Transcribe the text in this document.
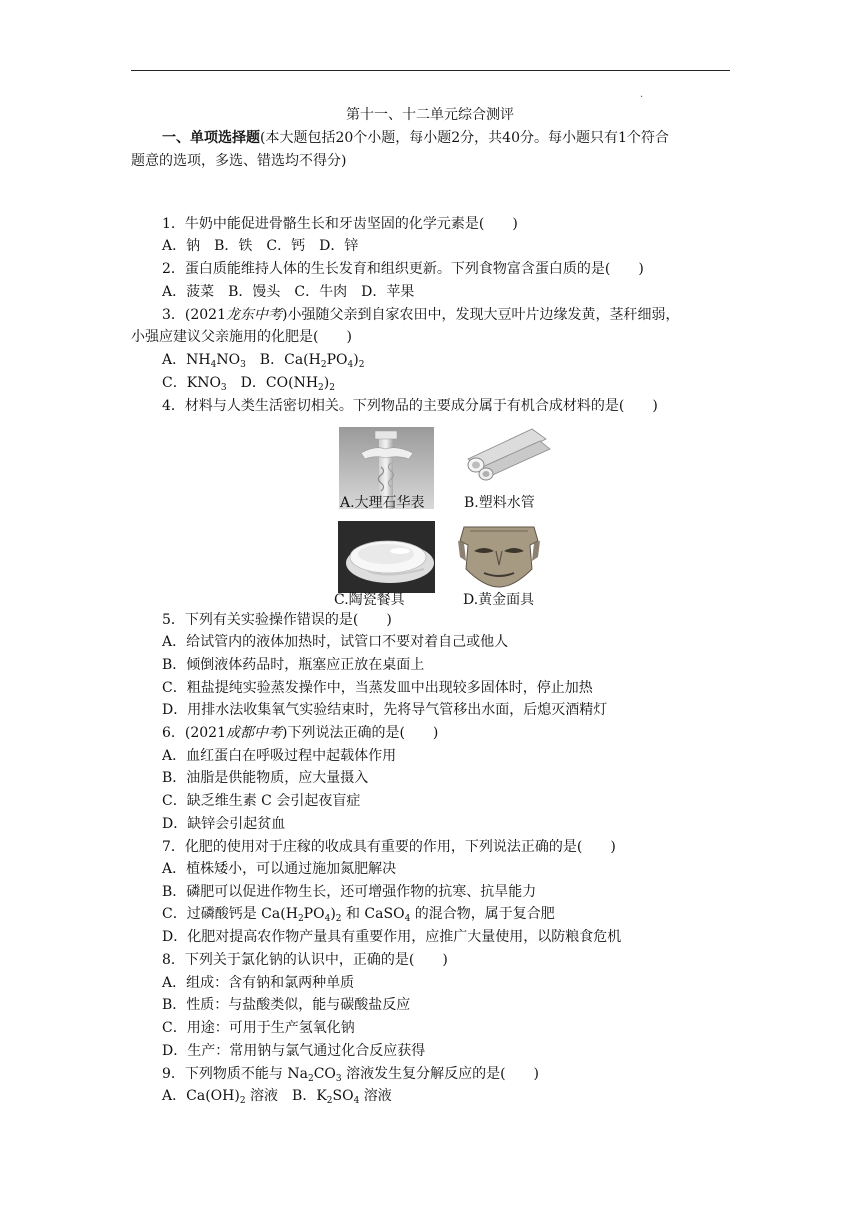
·
第十一、十二单元综合测评
一、单项选择题(本大题包括20个小题，每小题2分，共40分。每小题只有1个符合
题意的选项，多选、错选均不得分)
1．牛奶中能促进骨骼生长和牙齿坚固的化学元素是(　　)
A．钠　B．铁　C．钙　D．锌
2．蛋白质能维持人体的生长发育和组织更新。下列食物富含蛋白质的是(　　)
A．菠菜　B．馒头　C．牛肉　D．苹果
3．(2021龙东中考)小强随父亲到自家农田中，发现大豆叶片边缘发黄，茎秆细弱，
小强应建议父亲施用的化肥是(　　)
A．$NH_4NO_3$　 B．$Ca(H_2PO_4)_2$
C．$KNO_3$　 D．$CO(NH_2)_2$
4．材料与人类生活密切相关。下列物品的主要成分属于有机合成材料的是(　　)
A.大理石华表	B.塑料水管
C.陶瓷餐具	D.黄金面具
5．下列有关实验操作错误的是(　　)
A．给试管内的液体加热时，试管口不要对着自己或他人
B．倾倒液体药品时，瓶塞应正放在桌面上
C．粗盐提纯实验蒸发操作中，当蒸发皿中出现较多固体时，停止加热
D．用排水法收集氧气实验结束时，先将导气管移出水面，后熄灭酒精灯
6．(2021成都中考)下列说法正确的是(　　)
A．血红蛋白在呼吸过程中起载体作用
B．油脂是供能物质，应大量摄入
C．缺乏维生素 C 会引起夜盲症
D．缺锌会引起贫血
7．化肥的使用对于庄稼的收成具有重要的作用，下列说法正确的是(　　)
A．植株矮小，可以通过施加氮肥解决
B．磷肥可以促进作物生长，还可增强作物的抗寒、抗旱能力
C．过磷酸钙是 $Ca(H_2PO_4)_2$ 和 CaSO$_4$ 的混合物，属于复合肥
D．化肥对提高农作物产量具有重要作用，应推广大量使用，以防粮食危机
8．下列关于氯化钠的认识中，正确的是(　　)
A．组成：含有钠和氯两种单质
B．性质：与盐酸类似，能与碳酸盐反应
C．用途：可用于生产氢氧化钠
D．生产：常用钠与氯气通过化合反应获得
9．下列物质不能与 $Na_2CO_3$ 溶液发生复分解反应的是(　　)
A．$Ca(OH)_2$ 溶液　B．$K_2SO_4$ 溶液
